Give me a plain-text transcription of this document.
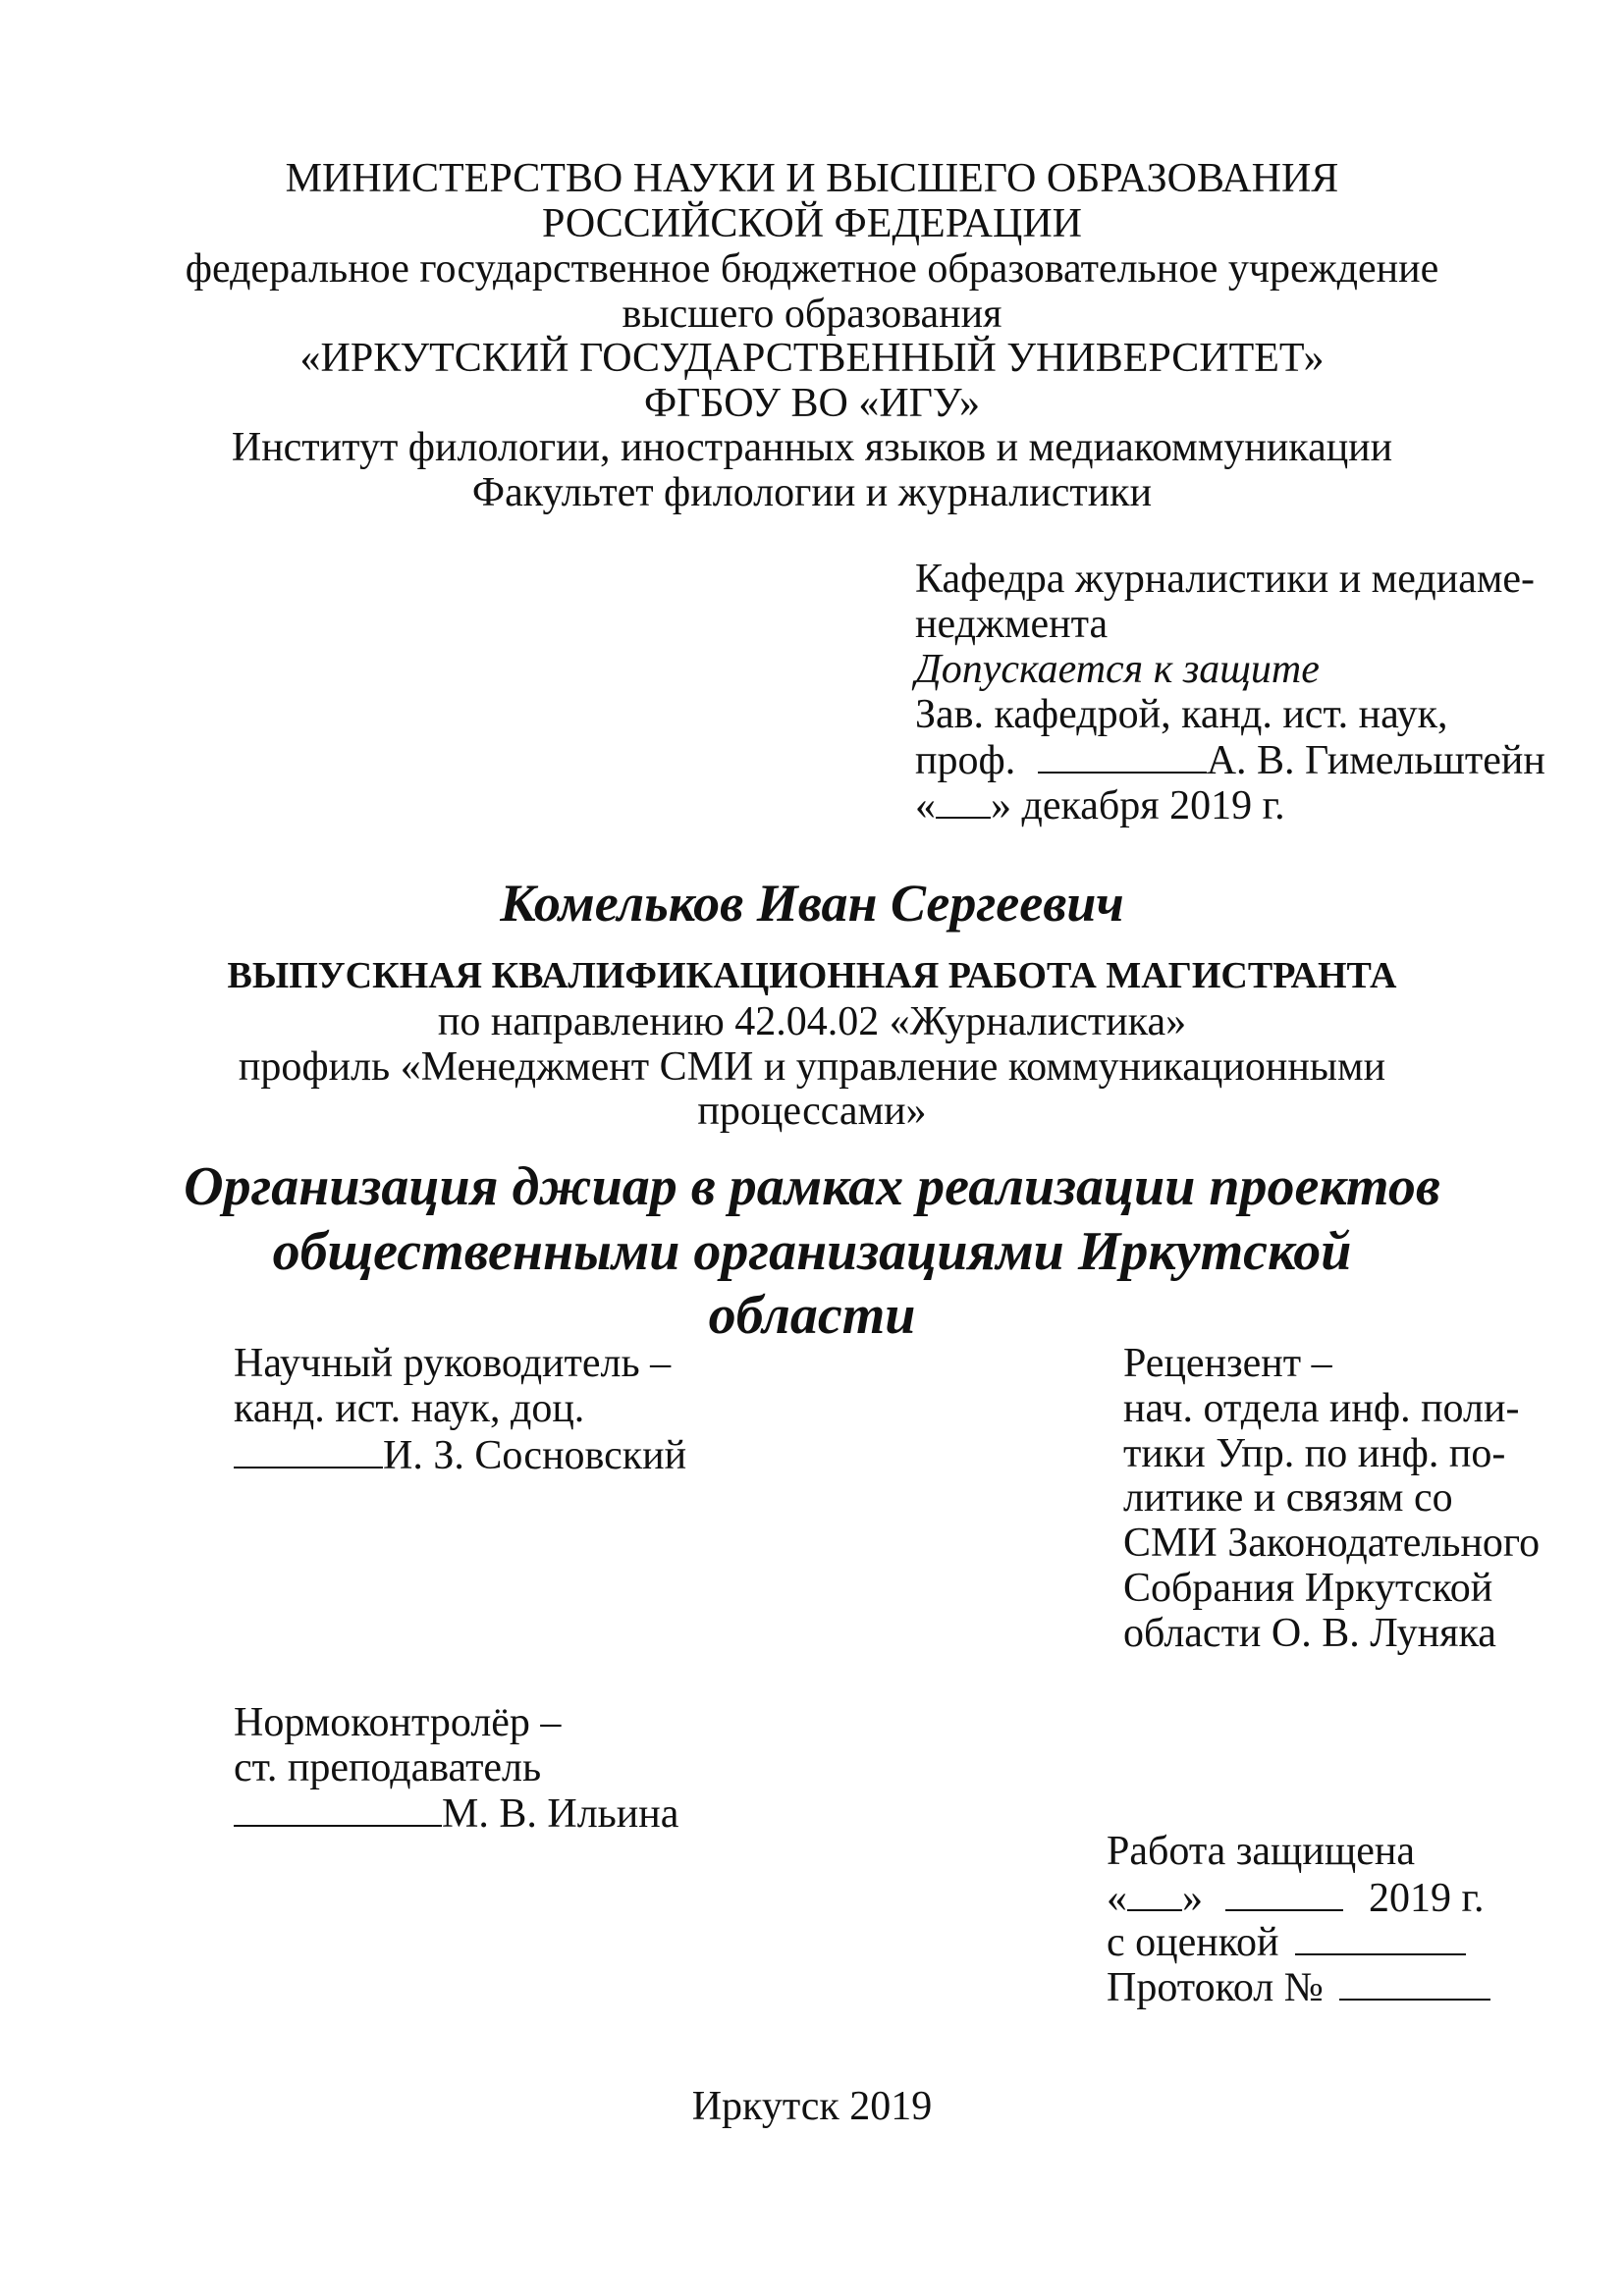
МИНИСТЕРСТВО НАУКИ И ВЫСШЕГО ОБРАЗОВАНИЯ
РОССИЙСКОЙ ФЕДЕРАЦИИ
федеральное государственное бюджетное образовательное учреждение
высшего образования
«ИРКУТСКИЙ ГОСУДАРСТВЕННЫЙ УНИВЕРСИТЕТ»
ФГБОУ ВО «ИГУ»
Институт филологии, иностранных языков и медиакоммуникации
Факультет филологии и журналистики
Кафедра журналистики и медиаме-
неджмента
Допускается к защите
Зав. кафедрой, канд. ист. наук,
проф.	А. В. Гимельштейн
« » декабря 2019 г.
Комельков Иван Сергеевич
ВЫПУСКНАЯ КВАЛИФИКАЦИОННАЯ РАБОТА МАГИСТРАНТА
по направлению 42.04.02 «Журналистика»
профиль «Менеджмент СМИ и управление коммуникационными
процессами»
Организация джиар в рамках реализации проектов
общественными организациями Иркутской
области
Научный руководитель –
канд. ист. наук, доц.
И. З. Сосновский
Рецензент –
нач. отдела инф. поли-
тики Упр. по инф. по-
литике и связям со
СМИ Законодательного
Собрания Иркутской
области О. В. Луняка
Нормоконтролёр –
ст. преподаватель
М. В. Ильина
Работа защищена
« »	2019 г.
с оценкой
Протокол №
Иркутск 2019
